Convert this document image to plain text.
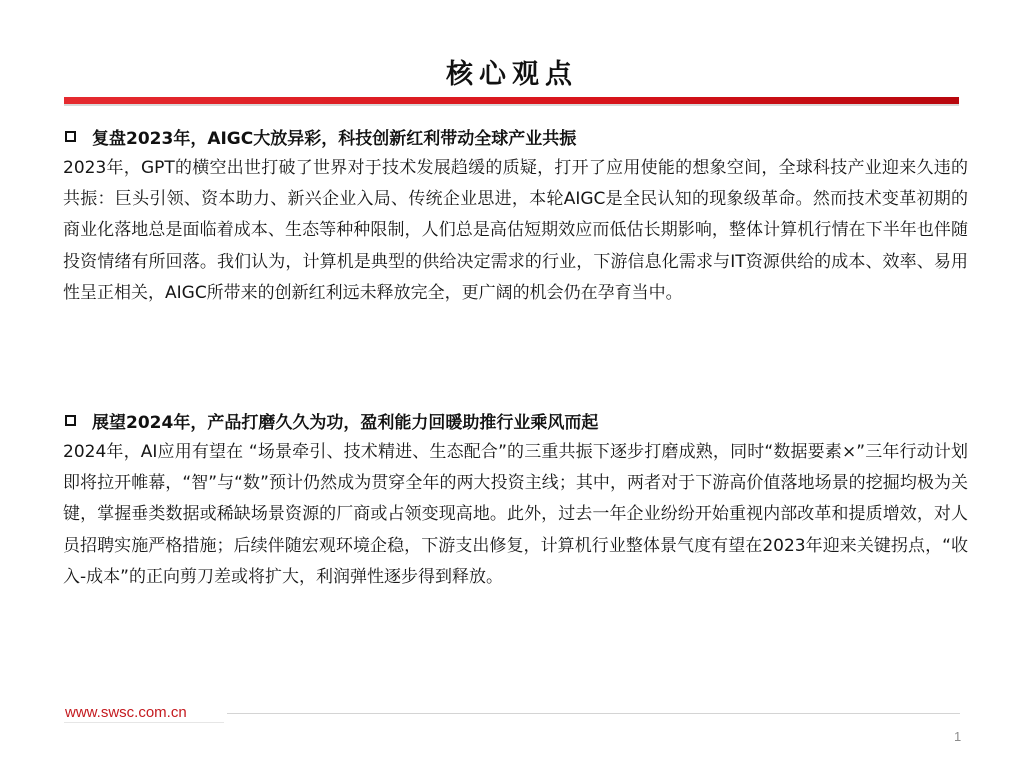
核心观点
复盘2023年，AIGC大放异彩，科技创新红利带动全球产业共振
2023年，GPT的横空出世打破了世界对于技术发展趋缓的质疑，打开了应用使能的想象空间，全球科技产业迎来久违的共振：巨头引领、资本助力、新兴企业入局、传统企业思进，本轮AIGC是全民认知的现象级革命。然而技术变革初期的商业化落地总是面临着成本、生态等种种限制，人们总是高估短期效应而低估长期影响，整体计算机行情在下半年也伴随投资情绪有所回落。我们认为，计算机是典型的供给决定需求的行业，下游信息化需求与IT资源供给的成本、效率、易用性呈正相关，AIGC所带来的创新红利远未释放完全，更广阔的机会仍在孕育当中。
展望2024年，产品打磨久久为功，盈利能力回暖助推行业乘风而起
2024年，AI应用有望在 “场景牵引、技术精进、生态配合”的三重共振下逐步打磨成熟，同时“数据要素×”三年行动计划即将拉开帷幕，“智”与“数”预计仍然成为贯穿全年的两大投资主线；其中，两者对于下游高价值落地场景的挖掘均极为关键，掌握垂类数据或稀缺场景资源的厂商或占领变现高地。此外，过去一年企业纷纷开始重视内部改革和提质增效，对人员招聘实施严格措施；后续伴随宏观环境企稳，下游支出修复，计算机行业整体景气度有望在2023年迎来关键拐点，“收入-成本”的正向剪刀差或将扩大，利润弹性逐步得到释放。
www.swsc.com.cn
1
